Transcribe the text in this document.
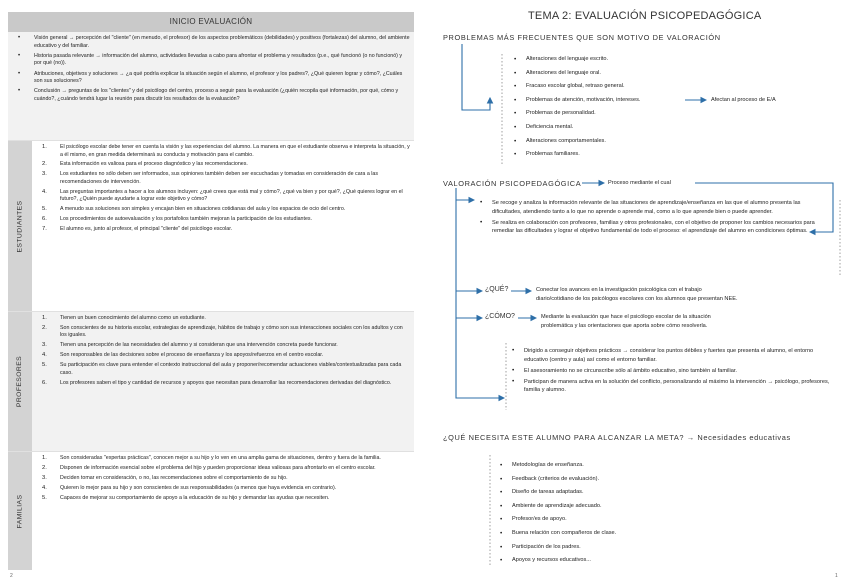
INICIO EVALUACIÓN
• Visión general → percepción del "cliente" (en menudo, el profesor) de los aspectos problemáticos (debilidades) y positivos (fortalezas) del alumno, del ambiente educativo y del familiar.
• Historia pasada relevante → información del alumno, actividades llevadas a cabo para afrontar el problema y resultados (p.e., qué funcionó (o no funcionó) y por qué (no)).
• Atribuciones, objetivos y soluciones → ¿a qué podría explicar la situación según el alumno, el profesor y los padres?, ¿Qué quieren lograr y cómo?, ¿Cuáles son sus soluciones?
• Conclusión → preguntas de los "clientes" y del psicólogo del centro, proceso a seguir para la evaluación (¿quién recopila qué información, por qué, cómo y cuándo?, ¿cuándo tendrá lugar la reunión para discutir los resultados de la evaluación?
ESTUDIANTES
1. El psicólogo escolar debe tener en cuenta la visión y las experiencias del alumno. La manera en que el estudiante observa e interpreta la situación, y a él mismo, en gran medida determinará su conducta y motivación para el cambio.
2. Esta información es valiosa para el proceso diagnóstico y las recomendaciones.
3. Los estudiantes no sólo deben ser informados, sus opiniones también deben ser escuchadas y tomadas en consideración de cara a las recomendaciones de intervención.
4. Las preguntas importantes a hacer a los alumnos incluyen: ¿qué crees que está mal y cómo?, ¿qué va bien y por qué?, ¿Qué quieres lograr en el futuro?, ¿Quién puede ayudarte a lograr este objetivo y cómo?
5. A menudo sus soluciones son simples y encajan bien en situaciones cotidianas del aula y los espacios de ocio del centro.
6. Los procedimientos de autoevaluación y los portafolios también mejoran la participación de los estudiantes.
7. El alumno es, junto al profesor, el principal "cliente" del psicólogo escolar.
PROFESORES
1. Tienen un buen conocimiento del alumno como un estudiante.
2. Son conscientes de su historia escolar, estrategias de aprendizaje, hábitos de trabajo y cómo son sus interacciones sociales con los adultos y con los iguales.
3. Tienen una percepción de las necesidades del alumno y si consideran que una intervención concreta puede funcionar.
4. Son responsables de las decisiones sobre el proceso de enseñanza y los apoyos/refuerzos en el centro escolar.
5. Su participación es clave para entender el contexto instruccional del aula y proponer/recomendar actuaciones viables/contextualizadas para cada caso.
6. Los profesores saben el tipo y cantidad de recursos y apoyos que necesitan para desarrollar las recomendaciones derivadas del diagnóstico.
FAMILIAS
1. Son consideradas "expertas prácticas", conocen mejor a su hijo y lo ven en una amplia gama de situaciones, dentro y fuera de la familia.
2. Disponen de información esencial sobre el problema del hijo y pueden proporcionar ideas valiosas para afrontarlo en el centro escolar.
3. Deciden tomar en consideración, o no, las recomendaciones sobre el comportamiento de su hijo.
4. Quieren lo mejor para su hijo y son conscientes de sus responsabilidades (a menos que haya evidencia en contrario).
5. Capaces de mejorar su comportamiento de apoyo a la educación de su hijo y demandar las ayudas que necesiten.
2
TEMA 2: EVALUACIÓN PSICOPEDAGÓGICA
PROBLEMAS MÁS FRECUENTES QUE SON MOTIVO DE VALORACIÓN
• Alteraciones del lenguaje escrito.
• Alteraciones del lenguaje oral.
• Fracaso escolar global, retraso general.
• Problemas de atención, motivación, intereses.
• Problemas de personalidad.
• Deficiencia mental.
• Alteraciones comportamentales.
• Problemas familiares.
Afectan al proceso de E/A
VALORACIÓN PSICOPEDAGÓGICA	Proceso mediante el cual
• Se recoge y analiza la información relevante de las situaciones de aprendizaje/enseñanza en las que el alumno presenta las dificultades, atendiendo tanto a lo que no aprende o aprende mal, como a lo que aprende bien o puede aprender.
• Se realiza en colaboración con profesores, familias y otros profesionales, con el objetivo de proponer los cambios necesarios para remediar las dificultades y lograr el objetivo fundamental de todo el proceso: el aprendizaje del alumno en condiciones óptimas.
¿QUÉ?	Conectar los avances en la investigación psicológica con el trabajo
diario/cotidiano de los psicólogos escolares con los alumnos que presentan NEE.
¿CÓMO?	Mediante la evaluación que hace el psicólogo escolar de la situación
problemática y las orientaciones que aporta sobre cómo resolverla.
• Dirigido a conseguir objetivos prácticos → considerar los puntos débiles y fuertes que presenta el alumno, el entorno educativo (centro y aula) así como el entorno familiar.
• El asesoramiento no se circunscribe sólo al ámbito educativo, sino también al familiar.
• Participan de manera activa en la solución del conflicto, personalizando al máximo la intervención → psicólogo, profesores, familia y alumno.
¿QUÉ NECESITA ESTE ALUMNO PARA ALCANZAR LA META? → Necesidades educativas
• Metodologías de enseñanza.
• Feedback (criterios de evaluación).
• Diseño de tareas adaptadas.
• Ambiente de aprendizaje adecuado.
• Profesor/es de apoyo.
• Buena relación con compañeros de clase.
• Participación de los padres.
• Apoyos y recursos educativos...
1
